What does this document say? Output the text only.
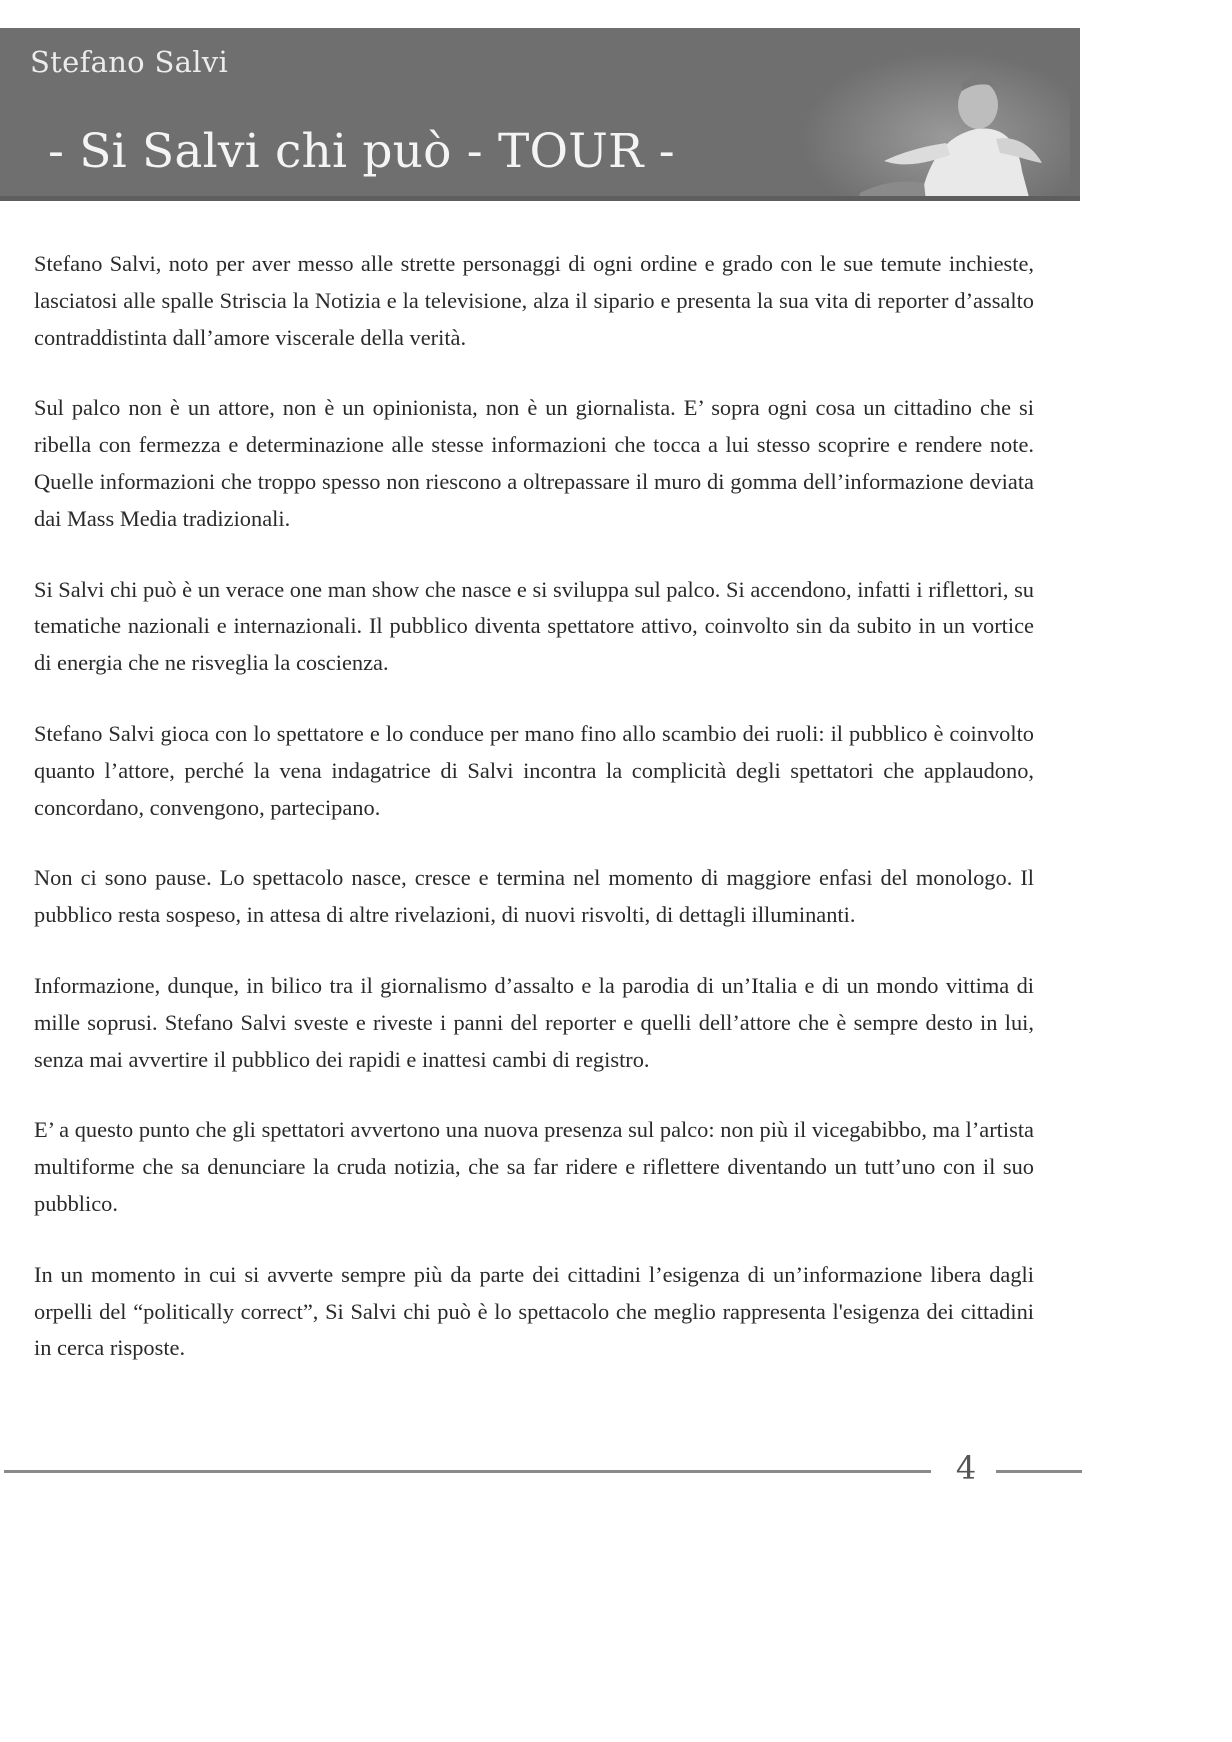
Stefano Salvi
- Si Salvi chi può - TOUR -

Stefano Salvi, noto per aver messo alle strette personaggi di ogni ordine e grado con le sue temute inchieste, lasciatosi alle spalle Striscia la Notizia e la televisione, alza il sipario e presenta la sua vita di reporter d’assalto contraddistinta dall’amore viscerale della verità.

Sul palco non è un attore, non è un opinionista, non è un giornalista. E’ sopra ogni cosa un cittadino che si ribella con fermezza e determinazione alle stesse informazioni che tocca a lui stesso scoprire e rendere note. Quelle informazioni che troppo spesso non riescono a oltrepassare il muro di gomma dell’informazione deviata dai Mass Media tradizionali.

Si Salvi chi può è un verace one man show che nasce e si sviluppa sul palco. Si accendono, infatti i riflettori, su tematiche nazionali e internazionali. Il pubblico diventa spettatore attivo, coinvolto sin da subito in un vortice di energia che ne risveglia la coscienza.

Stefano Salvi gioca con lo spettatore e lo conduce per mano fino allo scambio dei ruoli: il pubblico è coinvolto quanto l’attore, perché la vena indagatrice di Salvi incontra la complicità degli spettatori che applaudono, concordano, convengono, partecipano.

Non ci sono pause. Lo spettacolo nasce, cresce e termina nel momento di maggiore enfasi del monologo. Il pubblico resta sospeso, in attesa di altre rivelazioni, di nuovi risvolti, di dettagli illuminanti.

Informazione, dunque, in bilico tra il giornalismo d’assalto e la parodia di un’Italia e di un mondo vittima di mille soprusi. Stefano Salvi sveste e riveste i panni del reporter e quelli dell’attore che è sempre desto in lui, senza mai avvertire il pubblico dei rapidi e inattesi cambi di registro.

E’ a questo punto che gli spettatori avvertono una nuova presenza sul palco: non più il vicegabibbo, ma l’artista multiforme che sa denunciare la cruda notizia, che sa far ridere e riflettere diventando un tutt’uno con il suo pubblico.

In un momento in cui si avverte sempre più da parte dei cittadini l’esigenza di un’informazione libera dagli orpelli del “politically correct”, Si Salvi chi può è lo spettacolo che meglio rappresenta l'esigenza dei cittadini in cerca risposte.

4
